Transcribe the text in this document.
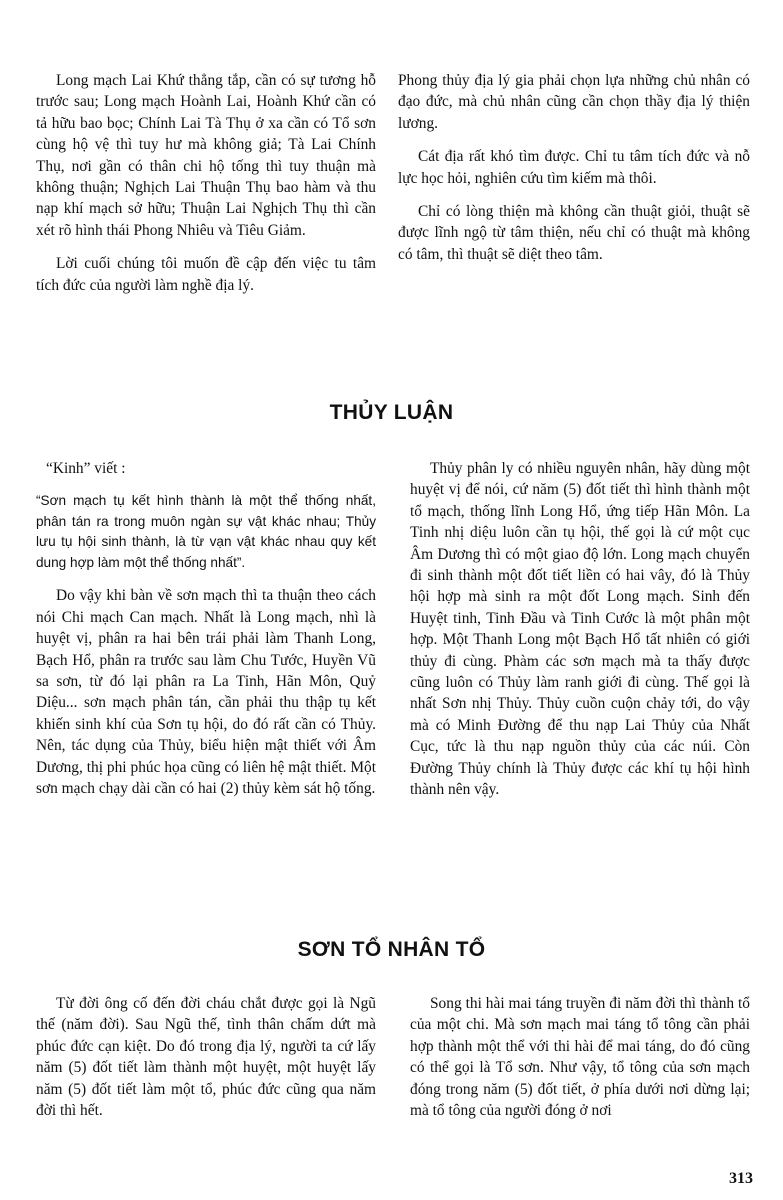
Long mạch Lai Khứ thẳng tắp, cần có sự tương hỗ trước sau; Long mạch Hoành Lai, Hoành Khứ cần có tả hữu bao bọc; Chính Lai Tà Thụ ở xa cần có Tổ sơn cùng hộ vệ thì tuy hư mà không giả; Tà Lai Chính Thụ, nơi gần có thân chi hộ tống thì tuy thuận mà không thuận; Nghịch Lai Thuận Thụ bao hàm và thu nạp khí mạch sở hữu; Thuận Lai Nghịch Thụ thì cần xét rõ hình thái Phong Nhiêu và Tiêu Giảm.

Lời cuối chúng tôi muốn đề cập đến việc tu tâm tích đức của người làm nghề địa lý.

Phong thủy địa lý gia phải chọn lựa những chủ nhân có đạo đức, mà chủ nhân cũng cần chọn thầy địa lý thiện lương.

Cát địa rất khó tìm được. Chỉ tu tâm tích đức và nỗ lực học hỏi, nghiên cứu tìm kiếm mà thôi.

Chỉ có lòng thiện mà không cần thuật giỏi, thuật sẽ được lĩnh ngộ từ tâm thiện, nếu chỉ có thuật mà không có tâm, thì thuật sẽ diệt theo tâm.

THỦY LUẬN

“Kinh” viết :

“Sơn mạch tụ kết hình thành là một thể thống nhất, phân tán ra trong muôn ngàn sự vật khác nhau; Thủy lưu tụ hội sinh thành, là từ vạn vật khác nhau quy kết dung hợp làm một thể thống nhất”.

Do vậy khi bàn về sơn mạch thì ta thuận theo cách nói Chi mạch Can mạch. Nhất là Long mạch, nhì là huyệt vị, phân ra hai bên trái phải làm Thanh Long, Bạch Hổ, phân ra trước sau làm Chu Tước, Huyền Vũ sa sơn, từ đó lại phân ra La Tinh, Hãn Môn, Quỷ Diệu... sơn mạch phân tán, cần phải thu thập tụ kết khiến sinh khí của Sơn tụ hội, do đó rất cần có Thủy. Nên, tác dụng của Thủy, biểu hiện mật thiết với Âm Dương, thị phi phúc họa cũng có liên hệ mật thiết. Một sơn mạch chạy dài cần có hai (2) thủy kèm sát hộ tống.

Thủy phân ly có nhiều nguyên nhân, hãy dùng một huyệt vị để nói, cứ năm (5) đốt tiết thì hình thành một tổ mạch, thống lĩnh Long Hổ, ứng tiếp Hãn Môn. La Tinh nhị diệu luôn cần tụ hội, thế gọi là cứ một cục Âm Dương thì có một giao độ lớn. Long mạch chuyển đi sinh thành một đốt tiết liền có hai vây, đó là Thủy hội hợp mà sinh ra một đốt Long mạch. Sinh đến Huyệt tinh, Tinh Đầu và Tinh Cước là một phân một hợp. Một Thanh Long một Bạch Hổ tất nhiên có giới thủy đi cùng. Phàm các sơn mạch mà ta thấy được cũng luôn có Thủy làm ranh giới đi cùng. Thế gọi là nhất Sơn nhị Thủy. Thủy cuồn cuộn chảy tới, do vậy mà có Minh Đường để thu nạp Lai Thủy của Nhất Cục, tức là thu nạp nguồn thủy của các núi. Còn Đường Thủy chính là Thủy được các khí tụ hội hình thành nên vậy.

SƠN TỔ NHÂN TỔ

Từ đời ông cố đến đời cháu chắt được gọi là Ngũ thế (năm đời). Sau Ngũ thế, tình thân chấm dứt mà phúc đức cạn kiệt. Do đó trong địa lý, người ta cứ lấy năm (5) đốt tiết làm thành một huyệt, một huyệt lấy năm (5) đốt tiết làm một tổ, phúc đức cũng qua năm đời thì hết.

Song thi hài mai táng truyền đi năm đời thì thành tổ của một chi. Mà sơn mạch mai táng tổ tông cần phải hợp thành một thể với thi hài để mai táng, do đó cũng có thể gọi là Tổ sơn. Như vậy, tổ tông của sơn mạch đóng trong năm (5) đốt tiết, ở phía dưới nơi dừng lại; mà tổ tông của người đóng ở nơi

313
